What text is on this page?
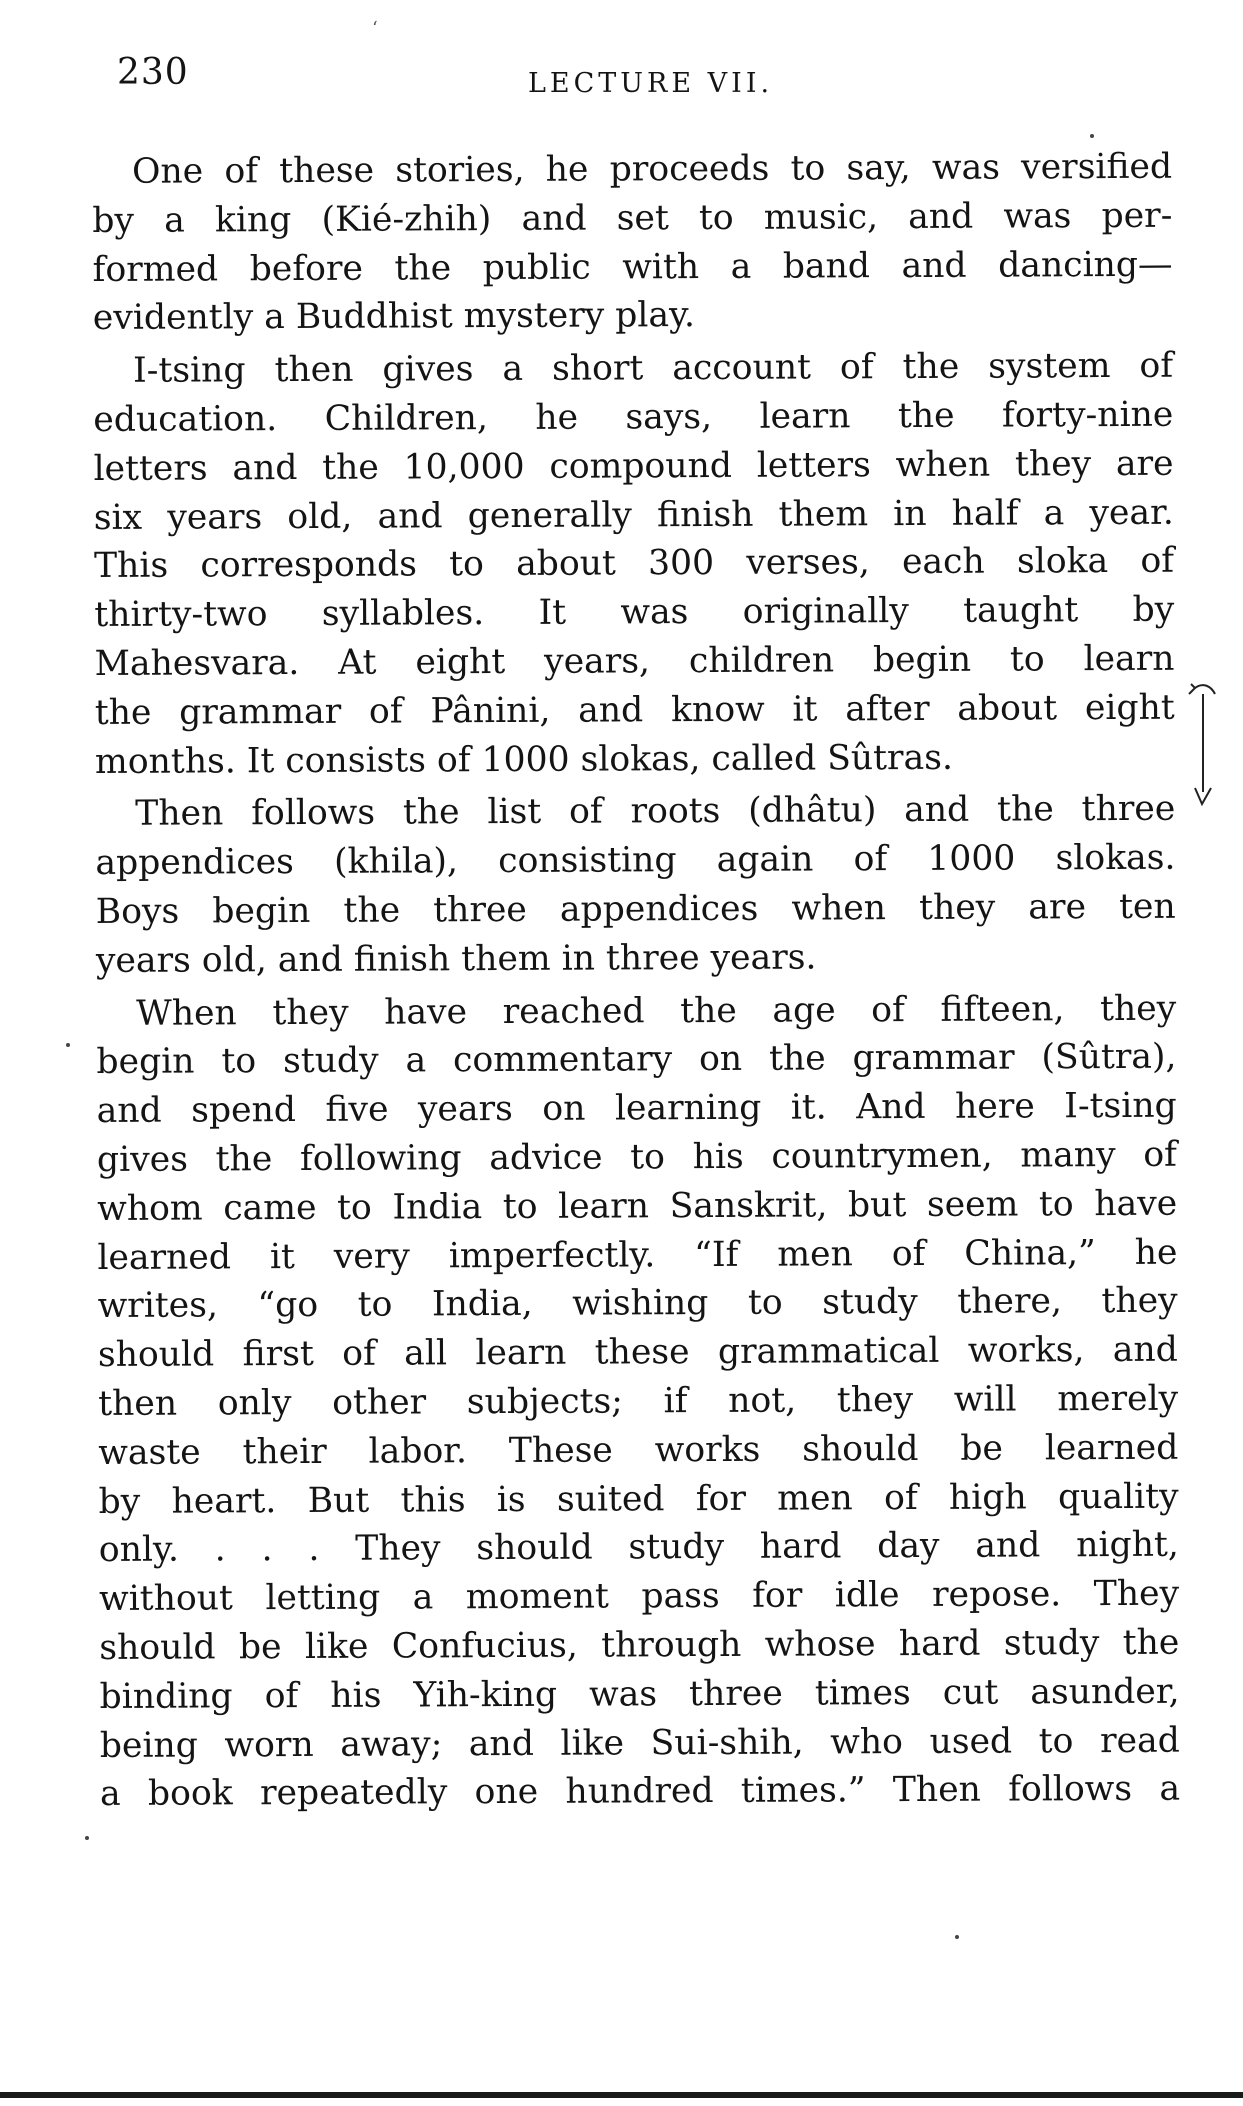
‘
230	LECTURE VII.

One of these stories, he proceeds to say, was versified
by a king (Kié-zhih) and set to music, and was per-
formed before the public with a band and dancing—
evidently a Buddhist mystery play.

I-tsing then gives a short account of the system of
education. Children, he says, learn the forty-nine
letters and the 10,000 compound letters when they are
six years old, and generally finish them in half a year.
This corresponds to about 300 verses, each sloka of
thirty-two syllables. It was originally taught by
Mahesvara. At eight years, children begin to learn
the grammar of Pânini, and know it after about eight
months. It consists of 1000 slokas, called Sûtras.

Then follows the list of roots (dhâtu) and the three
appendices (khila), consisting again of 1000 slokas.
Boys begin the three appendices when they are ten
years old, and finish them in three years.

When they have reached the age of fifteen, they
begin to study a commentary on the grammar (Sûtra),
and spend five years on learning it. And here I-tsing
gives the following advice to his countrymen, many of
whom came to India to learn Sanskrit, but seem to have
learned it very imperfectly. “If men of China,” he
writes, “go to India, wishing to study there, they
should first of all learn these grammatical works, and
then only other subjects; if not, they will merely
waste their labor. These works should be learned
by heart. But this is suited for men of high quality
only. . . . They should study hard day and night,
without letting a moment pass for idle repose. They
should be like Confucius, through whose hard study the
binding of his Yih-king was three times cut asunder,
being worn away; and like Sui-shih, who used to read
a book repeatedly one hundred times.” Then follows a
